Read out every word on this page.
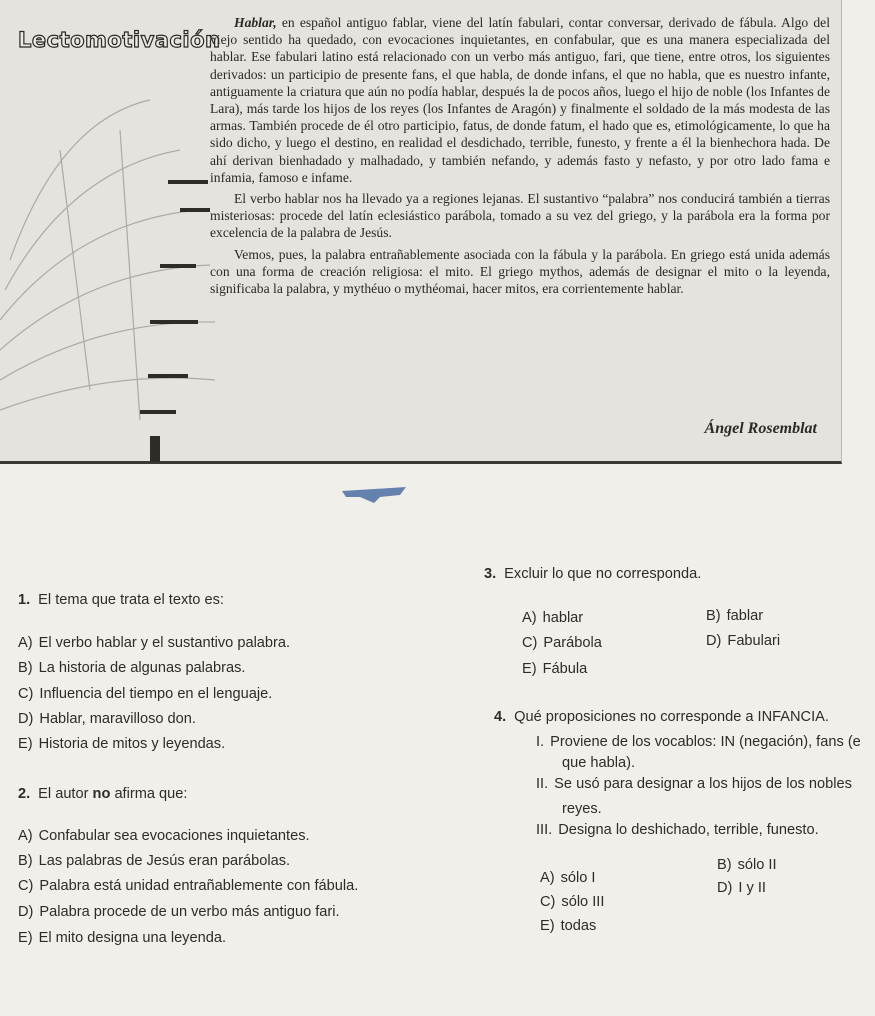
Lectomotivación

Hablar, en español antiguo fablar, viene del latín fabulari, contar conversar, derivado de fábula. Algo del viejo sentido ha quedado, con evocaciones inquietantes, en confabular, que es una manera especializada del hablar. Ese fabulari latino está relacionado con un verbo más antiguo, fari, que tiene, entre otros, los siguientes derivados: un participio de presente fans, el que habla, de donde infans, el que no habla, que es nuestro infante, antiguamente la criatura que aún no podía hablar, después la de pocos años, luego el hijo de noble (los Infantes de Lara), más tarde los hijos de los reyes (los Infantes de Aragón) y finalmente el soldado de la más modesta de las armas. También procede de él otro participio, fatus, de donde fatum, el hado que es, etimológicamente, lo que ha sido dicho, y luego el destino, en realidad el desdichado, terrible, funesto, y frente a él la bienhechora hada. De ahí derivan bienhadado y malhadado, y también nefando, y además fasto y nefasto, y por otro lado fama e infamia, famoso e infame.

El verbo hablar nos ha llevado ya a regiones lejanas. El sustantivo “palabra” nos conducirá también a tierras misteriosas: procede del latín eclesiástico parábola, tomado a su vez del griego, y la parábola era la forma por excelencia de la palabra de Jesús.

Vemos, pues, la palabra entrañablemente asociada con la fábula y la parábola. En griego está unida además con una forma de creación religiosa: el mito. El griego mythos, además de designar el mito o la leyenda, significaba la palabra, y mythéuo o mythéomai, hacer mitos, era corrientemente hablar.

Ángel Rosemblat

1. El tema que trata el texto es:

A) El verbo hablar y el sustantivo palabra.
B) La historia de algunas palabras.
C) Influencia del tiempo en el lenguaje.
D) Hablar, maravilloso don.
E) Historia de mitos y leyendas.

2. El autor no afirma que:

A) Confabular sea evocaciones inquietantes.
B) Las palabras de Jesús eran parábolas.
C) Palabra está unidad entrañablemente con fábula.
D) Palabra procede de un verbo más antiguo fari.
E) El mito designa una leyenda.

3. Excluir lo que no corresponda.

A) hablar	B) fablar
C) Parábola	D) Fabulari
E) Fábula

4. Qué proposiciones no corresponde a INFANCIA.

I. Proviene de los vocablos: IN (negación), fans (e
que habla).
II. Se usó para designar a los hijos de los nobles
reyes.
III. Designa lo deshichado, terrible, funesto.
A) sólo I
B) sólo II
C) sólo III
D) I y II
E) todas
